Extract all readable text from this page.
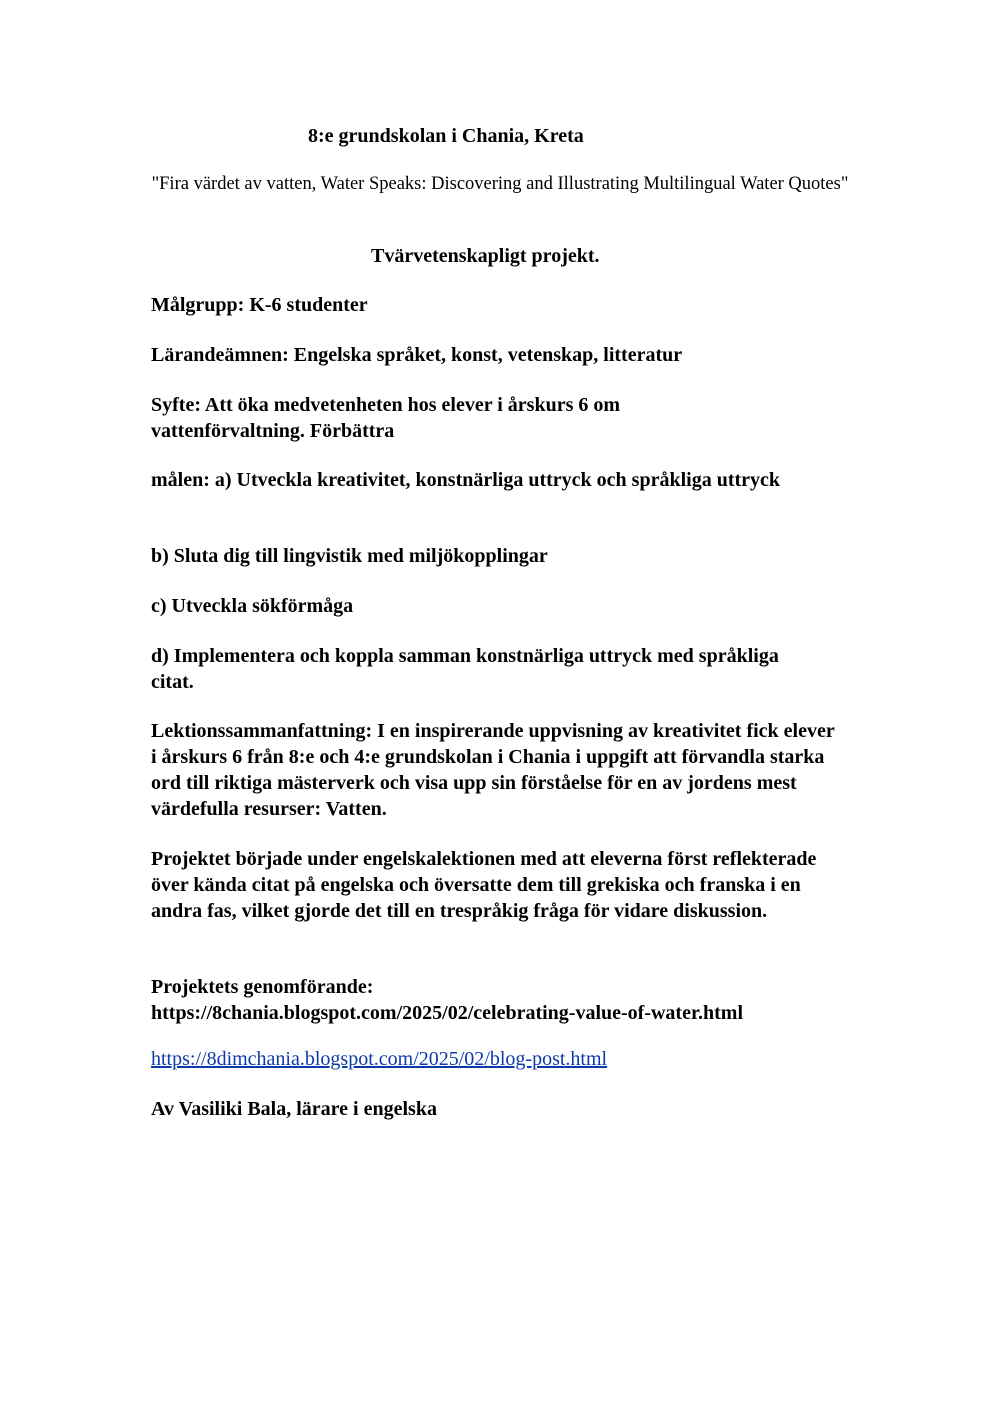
8:e grundskolan i Chania, Kreta
"Fira värdet av vatten, Water Speaks: Discovering and Illustrating Multilingual Water Quotes"
Tvärvetenskapligt projekt.
Målgrupp: K-6 studenter
Lärandeämnen: Engelska språket, konst, vetenskap, litteratur
Syfte: Att öka medvetenheten hos elever i årskurs 6 om vattenförvaltning. Förbättra
målen: a) Utveckla kreativitet, konstnärliga uttryck och språkliga uttryck
b) Sluta dig till lingvistik med miljökopplingar
c) Utveckla sökförmåga
d) Implementera och koppla samman konstnärliga uttryck med språkliga citat.
Lektionssammanfattning: I en inspirerande uppvisning av kreativitet fick elever i årskurs 6 från 8:e och 4:e grundskolan i Chania i uppgift att förvandla starka ord till riktiga mästerverk och visa upp sin förståelse för en av jordens mest värdefulla resurser: Vatten.
Projektet började under engelskalektionen med att eleverna först reflekterade över kända citat på engelska och översatte dem till grekiska och franska i en andra fas, vilket gjorde det till en trespråkig fråga för vidare diskussion.
Projektets genomförande:
https://8chania.blogspot.com/2025/02/celebrating-value-of-water.html
https://8dimchania.blogspot.com/2025/02/blog-post.html
Av Vasiliki Bala, lärare i engelska
